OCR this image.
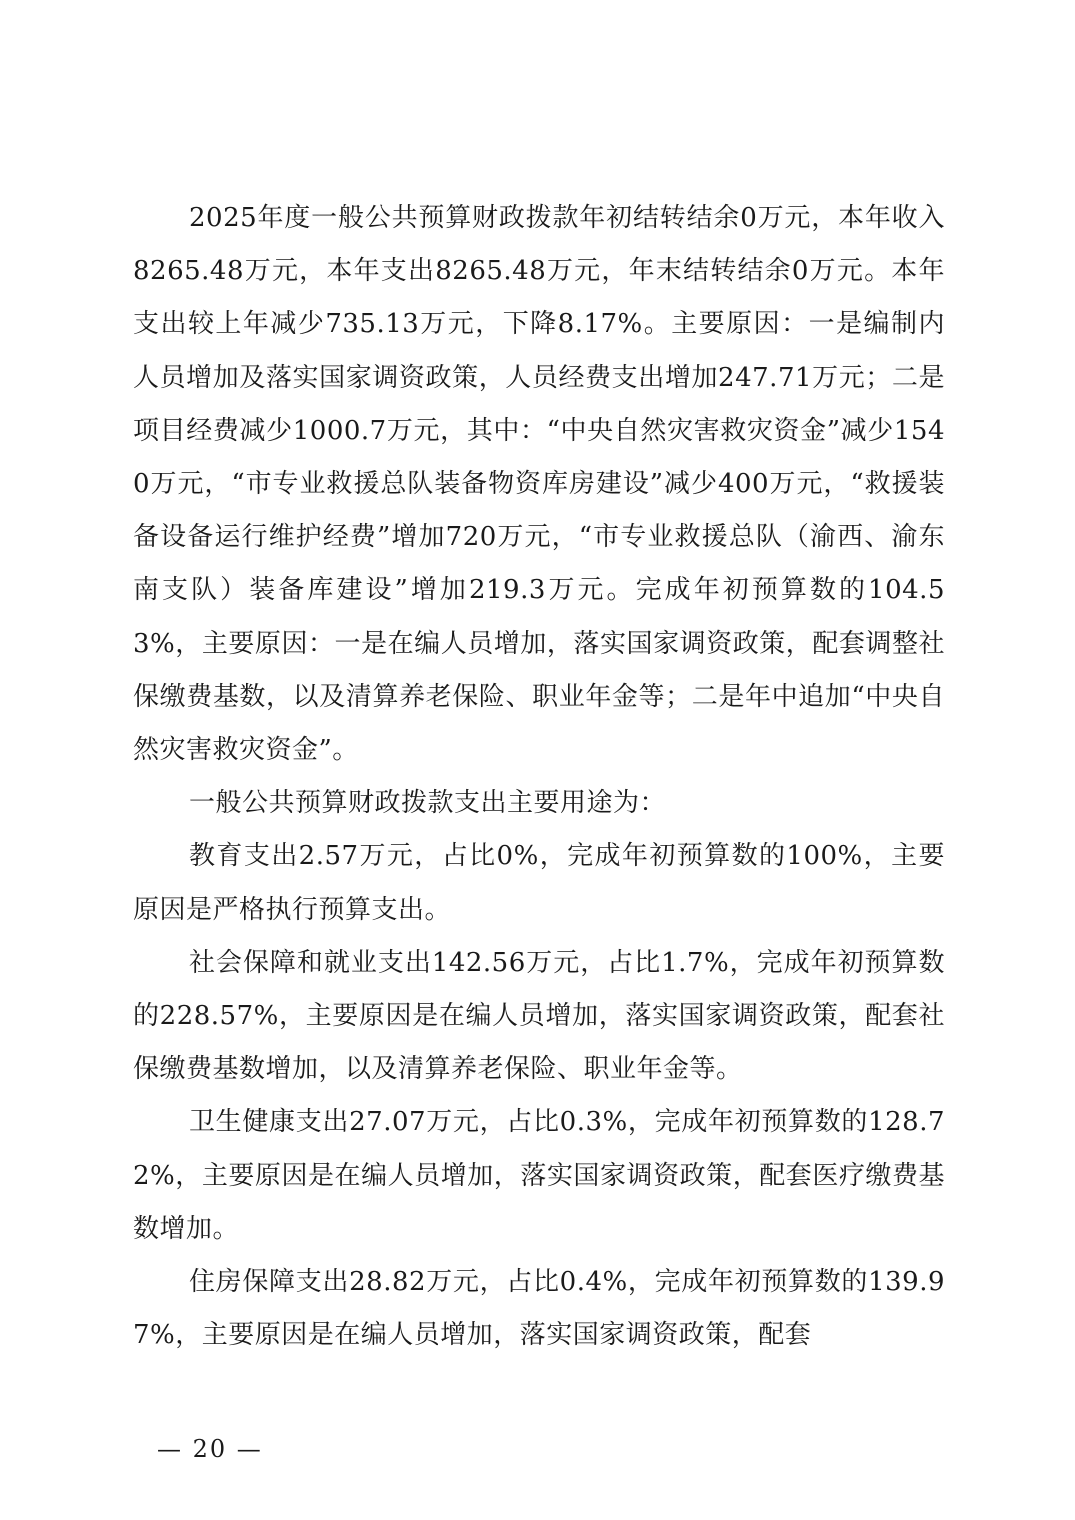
2025年度一般公共预算财政拨款年初结转结余0万元，本年收入8265.48万元，本年支出8265.48万元，年末结转结余0万元。本年支出较上年减少735.13万元，下降8.17%。主要原因：一是编制内人员增加及落实国家调资政策，人员经费支出增加247.71万元；二是项目经费减少1000.7万元，其中：“中央自然灾害救灾资金”减少1540万元，“市专业救援总队装备物资库房建设”减少400万元，“救援装备设备运行维护经费”增加720万元，“市专业救援总队（渝西、渝东南支队）装备库建设”增加219.3万元。完成年初预算数的104.53%，主要原因：一是在编人员增加，落实国家调资政策，配套调整社保缴费基数，以及清算养老保险、职业年金等；二是年中追加“中央自然灾害救灾资金”。

一般公共预算财政拨款支出主要用途为：

教育支出2.57万元，占比0%，完成年初预算数的100%，主要原因是严格执行预算支出。

社会保障和就业支出142.56万元，占比1.7%，完成年初预算数的228.57%，主要原因是在编人员增加，落实国家调资政策，配套社保缴费基数增加，以及清算养老保险、职业年金等。

卫生健康支出27.07万元，占比0.3%，完成年初预算数的128.72%，主要原因是在编人员增加，落实国家调资政策，配套医疗缴费基数增加。

住房保障支出28.82万元，占比0.4%，完成年初预算数的139.97%，主要原因是在编人员增加，落实国家调资政策，配套

— 20 —
